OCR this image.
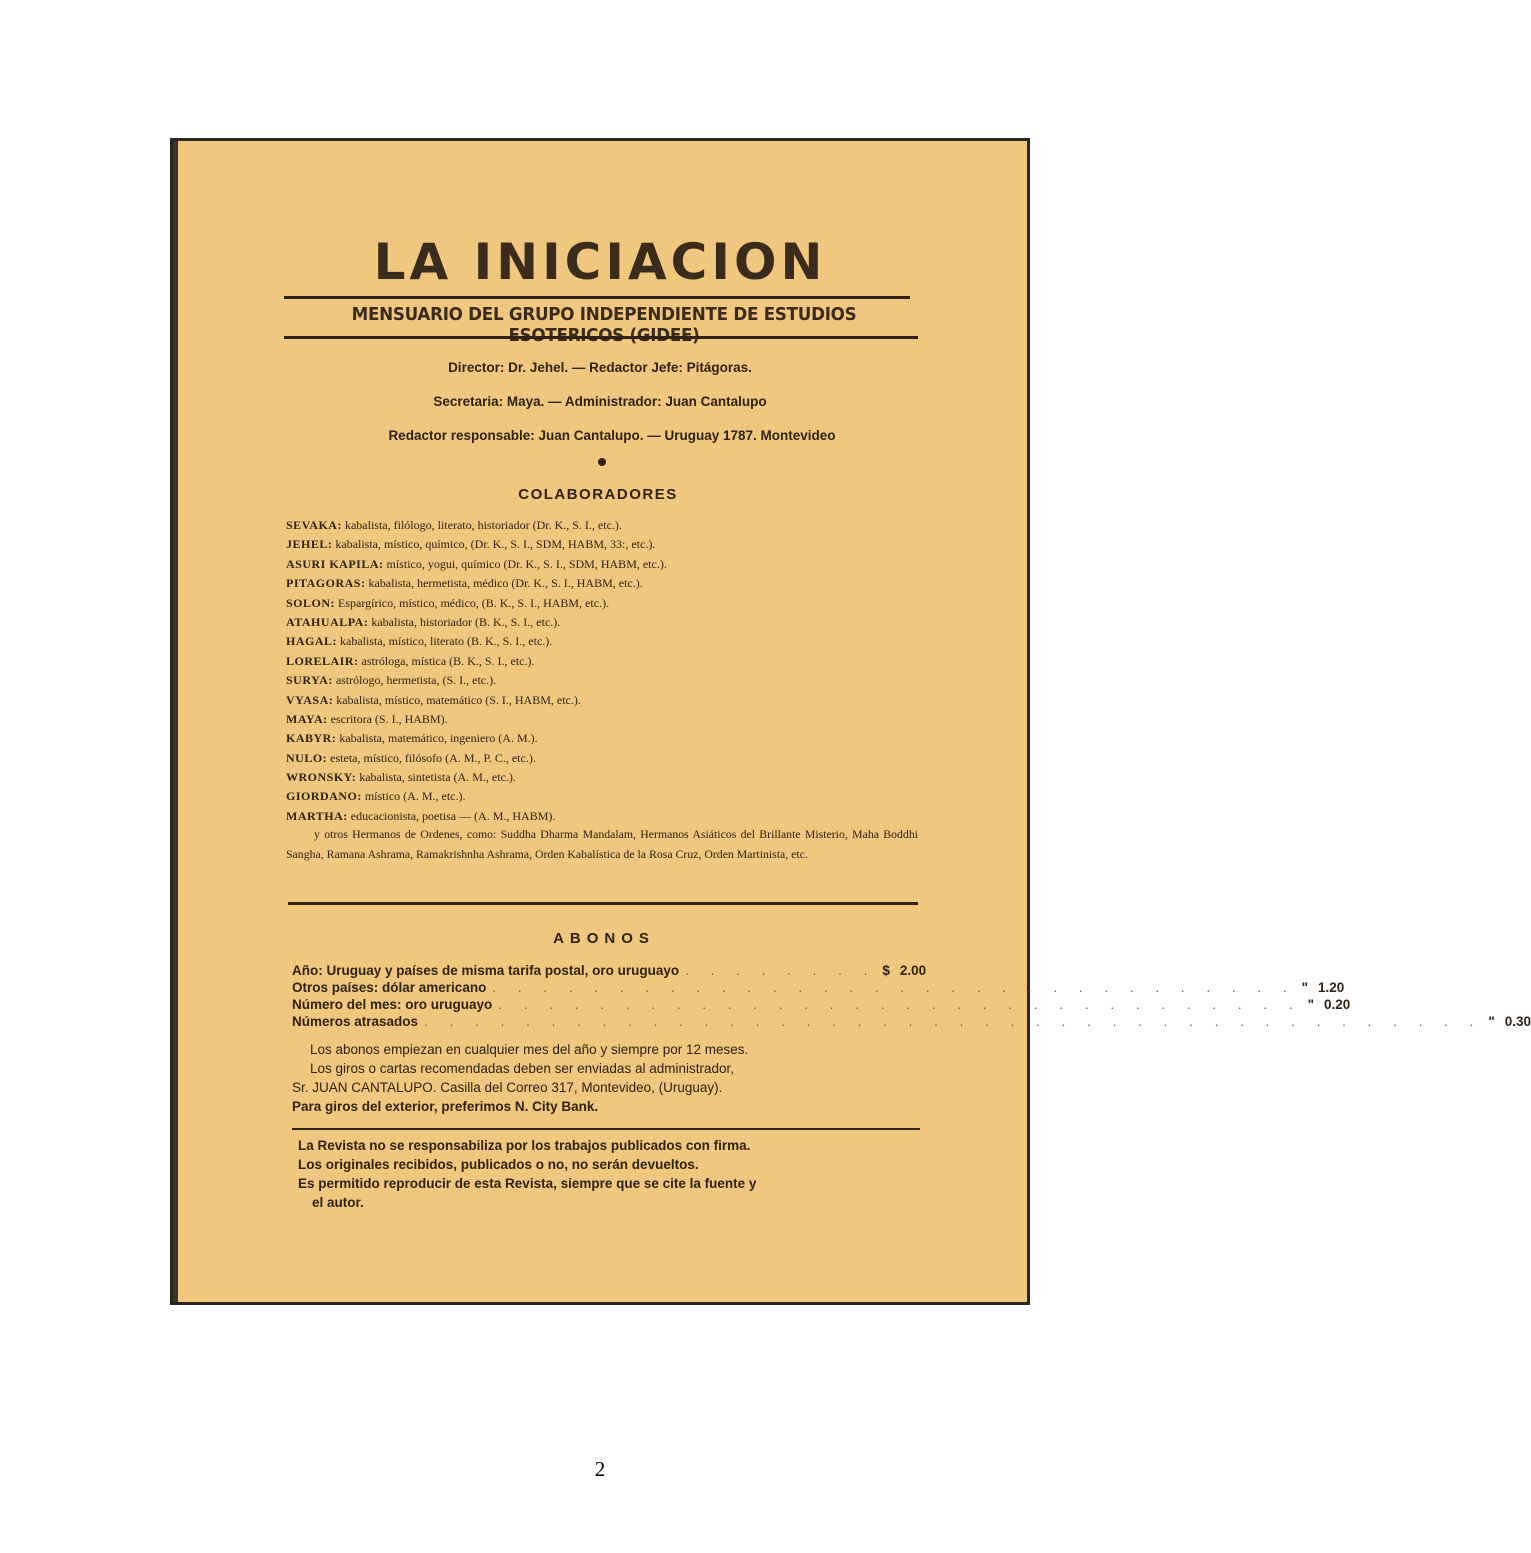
LA INICIACION
MENSUARIO DEL GRUPO INDEPENDIENTE DE ESTUDIOS
Director: Dr. Jehel. — Redactor Jefe: Pitágoras.
Secretaria: Maya. — Administrador: Juan Cantalupo
Redactor responsable: Juan Cantalupo. — Uruguay 1787. Montevideo
COLABORADORES
SEVAKA: kabalista, filólogo, literato, historiador (Dr. K., S. I., etc.).
JEHEL: kabalista, místico, químico, (Dr. K., S. I., SDM, HABM, 33:, etc.).
ASURI KAPILA: místico, yogui, químico (Dr. K., S. I., SDM, HABM, etc.).
PITAGORAS: kabalista, hermetista, médico (Dr. K., S. I., HABM, etc.).
SOLON: Espargírico, místico, médico, (B. K., S. I., HABM, etc.).
ATAHUALPA: kabalista, historiador (B. K., S. I., etc.).
HAGAL: kabalista, místico, literato (B. K., S. I., etc.).
LORELAIR: astróloga, mística (B. K., S. I., etc.).
SURYA: astrólogo, hermetista, (S. I., etc.).
VYASA: kabalista, místico, matemático (S. I., HABM, etc.).
MAYA: escritora (S. I., HABM).
KABYR: kabalista, matemático, ingeniero (A. M.).
NULO: esteta, místico, filósofo (A. M., P. C., etc.).
WRONSKY: kabalista, sintetista (A. M., etc.).
GIORDANO: místico (A. M., etc.).
MARTHA: educacionista, poetisa — (A. M., HABM).
y otros Hermanos de Ordenes, como: Suddha Dharma Mandalam, Hermanos Asiáticos del Brillante Misterio, Maha Boddhi Sangha, Ramana Ashrama, Ramakrishnha Ashrama, Orden Kabalística de la Rosa Cruz, Orden Martinista, etc.
ABONOS
Año: Uruguay y países de misma tarifa postal, oro uruguayo . . . . . . . . $ 2.00
Otros países: dólar americano . . . . . . . . . . . . . . . . . . . . . . . . . . . . . . . . " 1.20
Número del mes: oro uruguayo . . . . . . . . . . . . . . . . . . . . . . . . . . . . . . . . " 0.20
Números atrasados . . . . . . . . . . . . . . . . . . . . . . . . . . . . . . . . . . . . . . . . . . " 0.30

Los abonos empiezan en cualquier mes del año y siempre por 12 meses.

Los giros o cartas recomendadas deben ser enviadas al administrador,

Sr. JUAN CANTALUPO. Casilla del Correo 317, Montevideo, (Uruguay).

Para giros del exterior, preferimos N. City Bank.

La Revista no se responsabiliza por los trabajos publicados con firma.

Los originales recibidos, publicados o no, no serán devueltos.

Es permitido reproducir de esta Revista, siempre que se cite la fuente y

el autor.

2
